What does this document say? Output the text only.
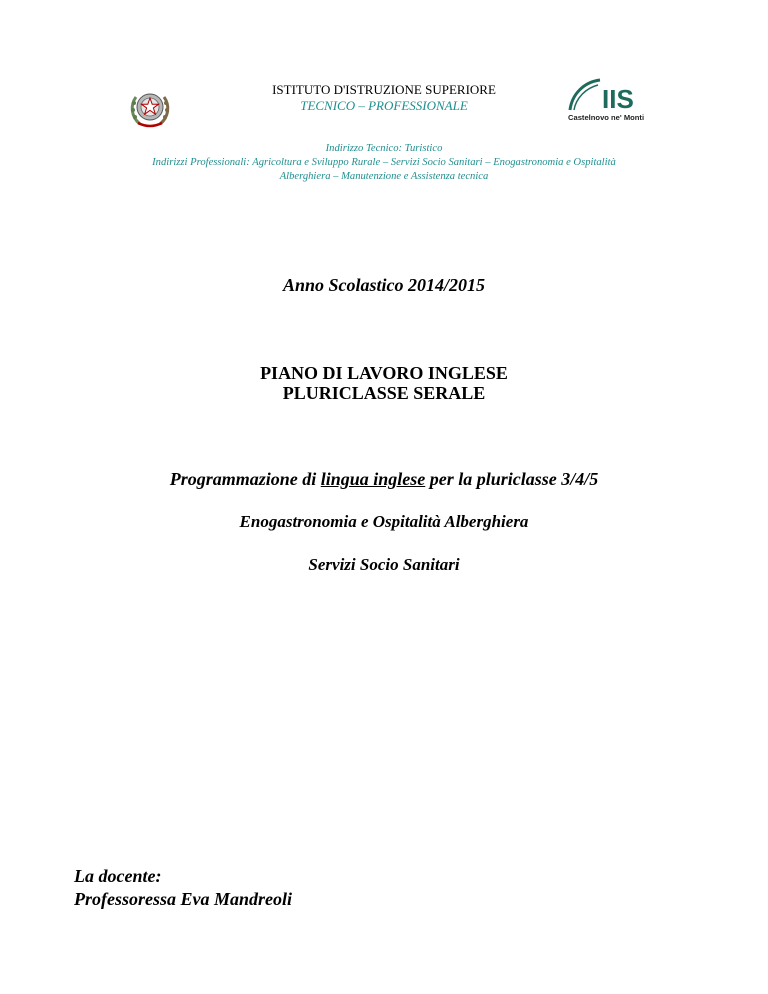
ISTITUTO D'ISTRUZIONE SUPERIORE
TECNICO – PROFESSIONALE	IIS
Castelnovo ne' Monti
Indirizzo Tecnico: Turistico
Indirizzi Professionali: Agricoltura e Sviluppo Rurale – Servizi Socio Sanitari – Enogastronomia e Ospitalità
Alberghiera – Manutenzione e Assistenza tecnica
Anno Scolastico 2014/2015
PIANO DI LAVORO INGLESE
PLURICLASSE SERALE
Programmazione di lingua inglese per la pluriclasse 3/4/5
Enogastronomia e Ospitalità Alberghiera
Servizi Socio Sanitari
La docente:
Professoressa Eva Mandreoli
